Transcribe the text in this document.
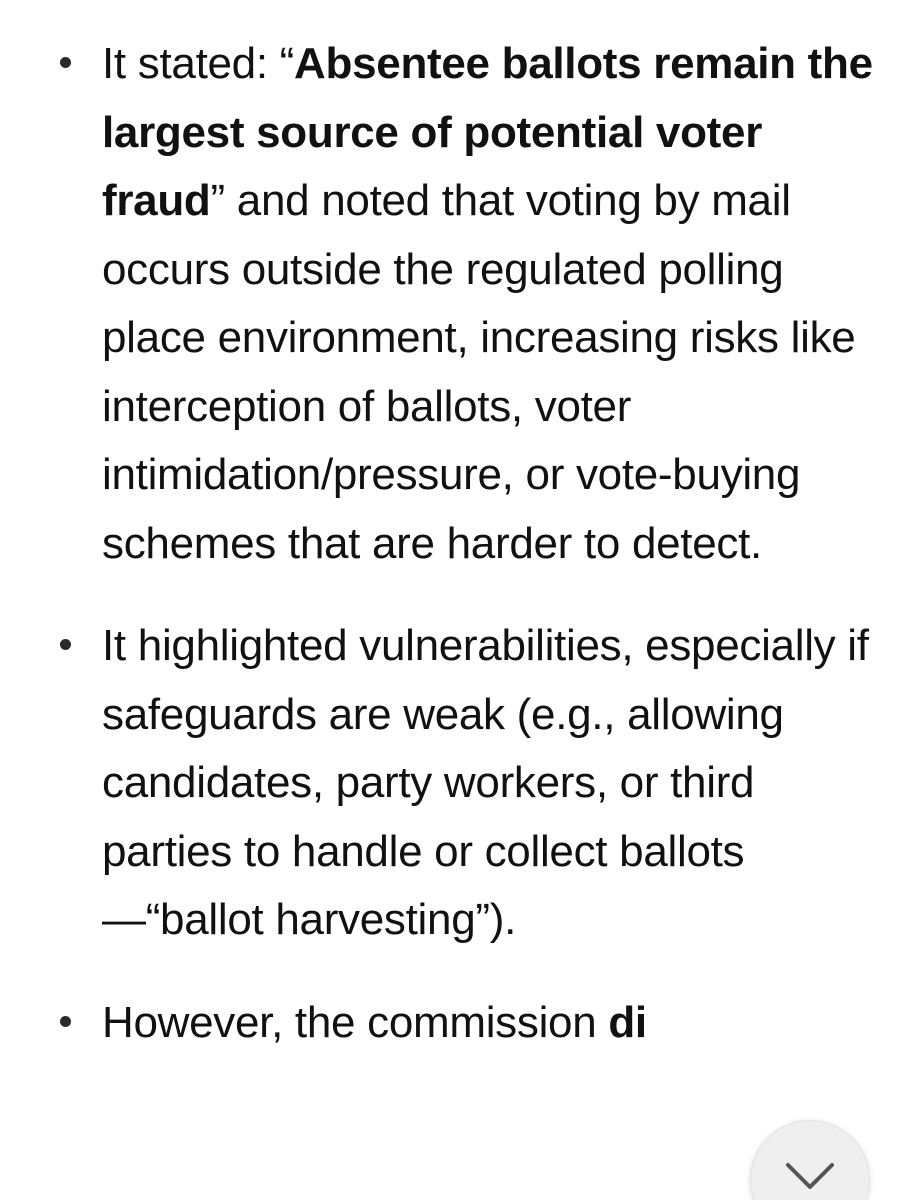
It stated: “Absentee ballots remain the largest source of potential voter fraud” and noted that voting by mail occurs outside the regulated polling place environment, increasing risks like interception of ballots, voter intimidation/pressure, or vote-buying schemes that are harder to detect.
It highlighted vulnerabilities, especially if safeguards are weak (e.g., allowing candidates, party workers, or third parties to handle or collect ballots—“ballot harvesting”).
However, the commission di
